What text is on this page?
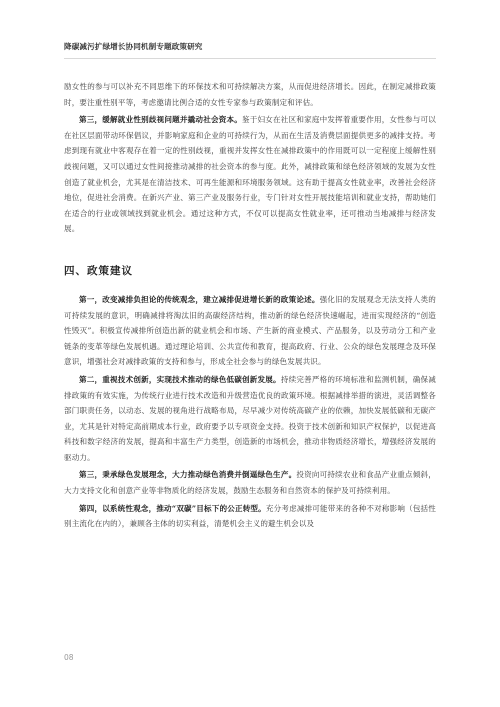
降碳减污扩绿增长协同机制专题政策研究

励女性的参与可以补充不同思维下的环保技术和可持续解决方案，从而促进经济增长。因此，在制定减排政策时，要注重性别平等，考虑邀请比例合适的女性专家参与政策制定和评估。

第三，缓解就业性别歧视问题并撬动社会资本。鉴于妇女在社区和家庭中发挥着重要作用，女性参与可以在社区层面带动环保倡议，并影响家庭和企业的可持续行为，从而在生活及消费层面提供更多的减排支持。考虑到现有就业中客观存在着一定的性别歧视，重视并发挥女性在减排政策中的作用既可以一定程度上缓解性别歧视问题，又可以通过女性间接推动减排的社会资本的参与度。此外，减排政策和绿色经济领域的发展为女性创造了就业机会，尤其是在清洁技术、可再生能源和环境服务领域。这有助于提高女性就业率，改善社会经济地位，促进社会消费。在新兴产业、第三产业及服务行业，专门针对女性开展技能培训和就业支持，帮助她们在适合的行业或领域找到就业机会。通过这种方式，不仅可以提高女性就业率，还可推动当地减排与经济发展。

四、政策建议

第一，改变减排负担论的传统观念，建立减排促进增长新的政策论述。强化旧的发展观念无法支持人类的可持续发展的意识，明确减排将淘汰旧的高碳经济结构，推动新的绿色经济快速崛起，进而实现经济的“创造性毁灭”。积极宣传减排所创造出新的就业机会和市场、产生新的商业模式、产品服务，以及劳动分工和产业链条的变革等绿色发展机遇。通过理论培训、公共宣传和教育，提高政府、行业、公众的绿色发展理念及环保意识，增强社会对减排政策的支持和参与，形成全社会参与的绿色发展共识。

第二，重视技术创新，实现技术推动的绿色低碳创新发展。持续完善严格的环境标准和监测机制，确保减排政策的有效实施，为传统行业进行技术改造和升级营造优良的政策环境。根据减排举措的演进，灵活调整各部门职责任务，以动态、发展的视角进行战略布局，尽早减少对传统高碳产业的依赖，加快发展低碳和无碳产业，尤其是针对特定高前期成本行业，政府要予以专项资金支持。投资于技术创新和知识产权保护，以促进高科技和数字经济的发展，提高和丰富生产力类型，创造新的市场机会，推动非物质经济增长，增强经济发展的驱动力。

第三，秉承绿色发展理念，大力推动绿色消费并倒逼绿色生产。投资向可持续农业和食品产业重点倾斜，大力支持文化和创意产业等非物质化的经济发展，鼓励生态服务和自然资本的保护及可持续利用。

第四，以系统性观念，推动“双碳”目标下的公正转型。充分考虑减排可能带来的各种不对称影响（包括性别主流化在内的），兼顾各主体的切实利益，清楚机会主义的避生机会以及

08
